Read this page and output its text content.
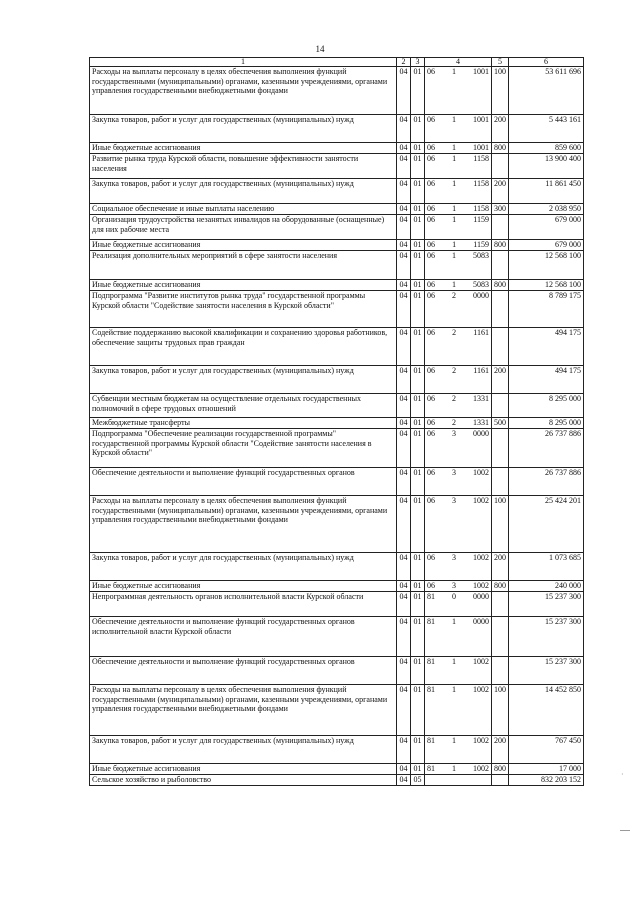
14
1	2	3	4	5	6
Расходы на выплаты персоналу в целях обеспечения выполнения функций государственными (муниципальными) органами, казенными учреждениями, органами управления государственными внебюджетными фондами	04	01	06 1 1001	100	53 611 696
Закупка товаров, работ и услуг для государственных (муниципальных) нужд	04	01	06 1 1001	200	5 443 161
Иные бюджетные ассигнования	04	01	06 1 1001	800	859 600
Развитие рынка труда Курской области, повышение эффективности занятости населения	04	01	06 1 1158		13 900 400
Закупка товаров, работ и услуг для государственных (муниципальных) нужд	04	01	06 1 1158	200	11 861 450
Социальное обеспечение и иные выплаты населению	04	01	06 1 1158	300	2 038 950
Организация трудоустройства незанятых инвалидов на оборудованные (оснащенные) для них рабочие места	04	01	06 1 1159		679 000
Иные бюджетные ассигнования	04	01	06 1 1159	800	679 000
Реализация дополнительных мероприятий в сфере занятости населения	04	01	06 1 5083		12 568 100
Иные бюджетные ассигнования	04	01	06 1 5083	800	12 568 100
Подпрограмма "Развитие институтов рынка труда" государственной программы Курской области "Содействие занятости населения в Курской области"	04	01	06 2 0000		8 789 175
Содействие поддержанию высокой квалификации и сохранению здоровья работников, обеспечение защиты трудовых прав граждан	04	01	06 2 1161		494 175
Закупка товаров, работ и услуг для государственных (муниципальных) нужд	04	01	06 2 1161	200	494 175
Субвенции местным бюджетам на осуществление отдельных государственных полномочий в сфере трудовых отношений	04	01	06 2 1331		8 295 000
Межбюджетные трансферты	04	01	06 2 1331	500	8 295 000
Подпрограмма "Обеспечение реализации государственной программы" государственной программы Курской области "Содействие занятости населения в Курской области"	04	01	06 3 0000		26 737 886
Обеспечение деятельности и выполнение функций государственных органов	04	01	06 3 1002		26 737 886
Расходы на выплаты персоналу в целях обеспечения выполнения функций государственными (муниципальными) органами, казенными учреждениями, органами управления государственными внебюджетными фондами	04	01	06 3 1002	100	25 424 201
Закупка товаров, работ и услуг для государственных (муниципальных) нужд	04	01	06 3 1002	200	1 073 685
Иные бюджетные ассигнования	04	01	06 3 1002	800	240 000
Непрограммная деятельность органов исполнительной власти Курской области	04	01	81 0 0000		15 237 300
Обеспечение деятельности и выполнение функций государственных органов исполнительной власти Курской области	04	01	81 1 0000		15 237 300
Обеспечение деятельности и выполнение функций государственных органов	04	01	81 1 1002		15 237 300
Расходы на выплаты персоналу в целях обеспечения выполнения функций государственными (муниципальными) органами, казенными учреждениями, органами управления государственными внебюджетными фондами	04	01	81 1 1002	100	14 452 850
Закупка товаров, работ и услуг для государственных (муниципальных) нужд	04	01	81 1 1002	200	767 450
Иные бюджетные ассигнования	04	01	81 1 1002	800	17 000
Сельское хозяйство и рыболовство	04	05			832 203 152
·
